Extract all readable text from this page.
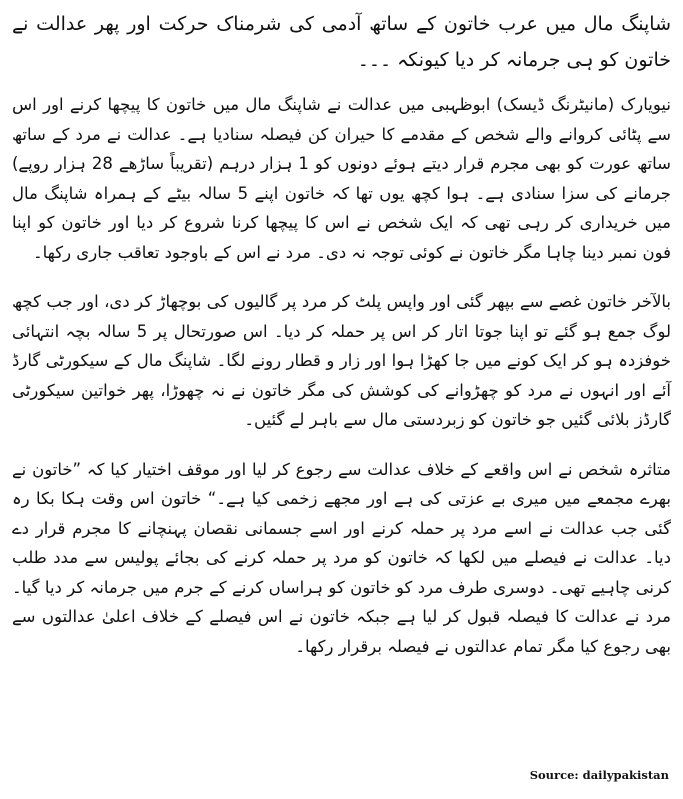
شاپنگ مال میں عرب خاتون کے ساتھ آدمی کی شرمناک حرکت اور پھر عدالت نے خاتون کو ہی جرمانہ کر دیا کیونکہ ۔۔۔

نیویارک (مانیٹرنگ ڈیسک) ابوظہبی میں عدالت نے شاپنگ مال میں خاتون کا پیچھا کرنے اور اس سے پٹائی کروانے والے شخص کے مقدمے کا حیران کن فیصلہ سنادیا ہے۔ عدالت نے مرد کے ساتھ ساتھ عورت کو بھی مجرم قرار دیتے ہوئے دونوں کو 1 ہزار درہم (تقریباً ساڑھے 28 ہزار روپے) جرمانے کی سزا سنادی ہے۔ ہوا کچھ یوں تھا کہ خاتون اپنے 5 سالہ بیٹے کے ہمراہ شاپنگ مال میں خریداری کر رہی تھی کہ ایک شخص نے اس کا پیچھا کرنا شروع کر دیا اور خاتون کو اپنا فون نمبر دینا چاہا مگر خاتون نے کوئی توجہ نہ دی۔ مرد نے اس کے باوجود تعاقب جاری رکھا۔

بالآخر خاتون غصے سے بپھر گئی اور واپس پلٹ کر مرد پر گالیوں کی بوچھاڑ کر دی، اور جب کچھ لوگ جمع ہو گئے تو اپنا جوتا اتار کر اس پر حملہ کر دیا۔ اس صورتحال پر 5 سالہ بچہ انتہائی خوفزدہ ہو کر ایک کونے میں جا کھڑا ہوا اور زار و قطار رونے لگا۔ شاپنگ مال کے سیکورٹی گارڈ آئے اور انہوں نے مرد کو چھڑوانے کی کوشش کی مگر خاتون نے نہ چھوڑا، پھر خواتین سیکورٹی گارڈز بلائی گئیں جو خاتون کو زبردستی مال سے باہر لے گئیں۔

متاثرہ شخص نے اس واقعے کے خلاف عدالت سے رجوع کر لیا اور موقف اختیار کیا کہ ”خاتون نے بھرے مجمعے میں میری بے عزتی کی ہے اور مجھے زخمی کیا ہے۔“ خاتون اس وقت ہکا بکا رہ گئی جب عدالت نے اسے مرد پر حملہ کرنے اور اسے جسمانی نقصان پہنچانے کا مجرم قرار دے دیا۔ عدالت نے فیصلے میں لکھا کہ خاتون کو مرد پر حملہ کرنے کی بجائے پولیس سے مدد طلب کرنی چاہیے تھی۔ دوسری طرف مرد کو خاتون کو ہراساں کرنے کے جرم میں جرمانہ کر دیا گیا۔ مرد نے عدالت کا فیصلہ قبول کر لیا ہے جبکہ خاتون نے اس فیصلے کے خلاف اعلیٰ عدالتوں سے بھی رجوع کیا مگر تمام عدالتوں نے فیصلہ برقرار رکھا۔

Source: dailypakistan
